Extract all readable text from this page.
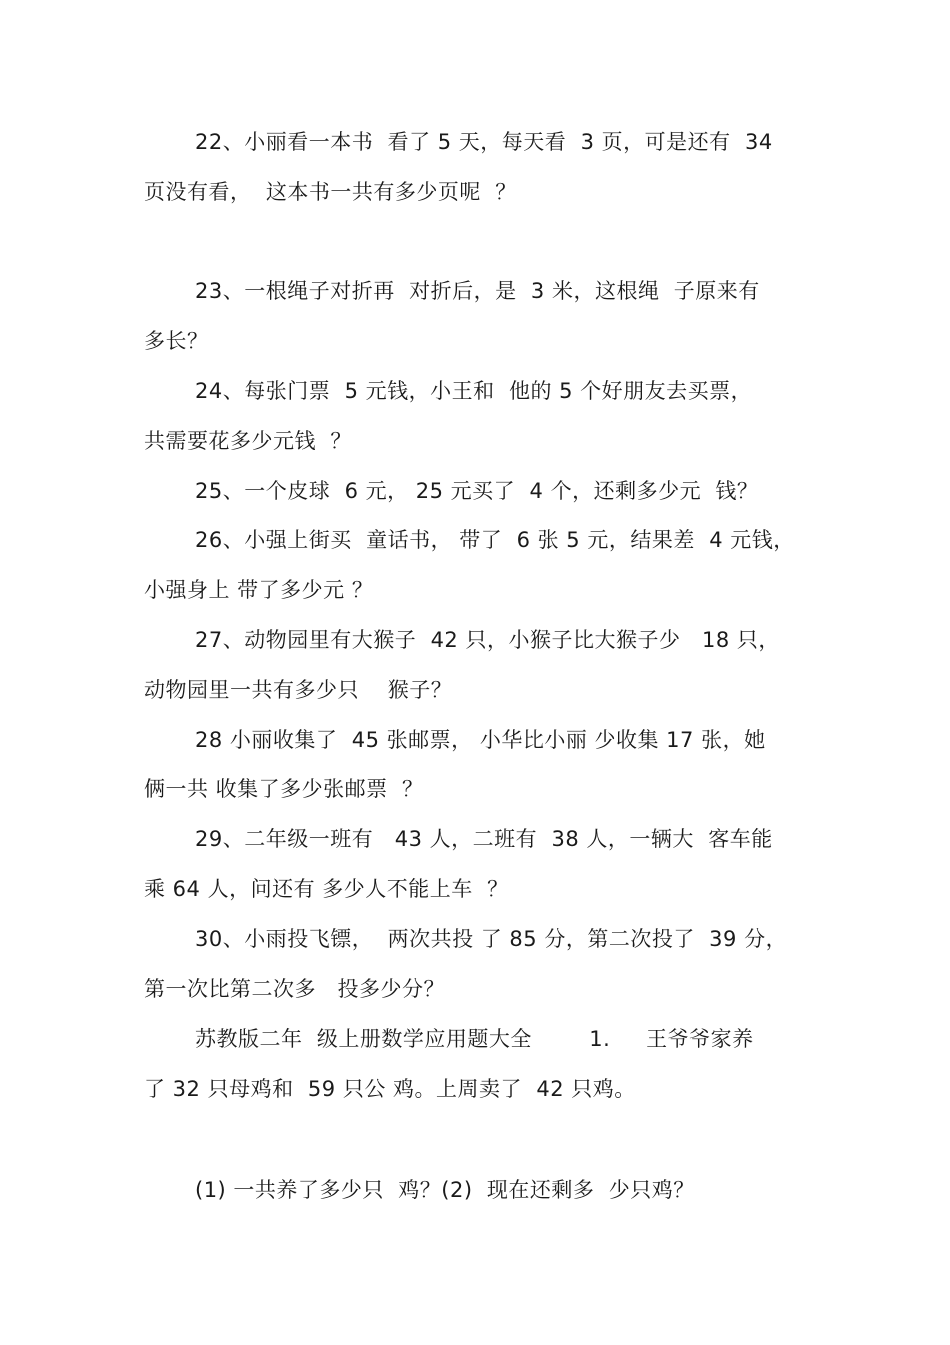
22、小丽看一本书  看了 5 天，每天看  3 页，可是还有  34
页没有看，  这本书一共有多少页呢  ？
23、一根绳子对折再  对折后，是  3 米，这根绳  子原来有
多长？
24、每张门票  5 元钱，小王和  他的 5 个好朋友去买票，
共需要花多少元钱  ？
25、一个皮球  6 元， 25 元买了  4 个，还剩多少元  钱？
26、小强上街买  童话书， 带了  6 张 5 元，结果差  4 元钱，
小强身上 带了多少元 ？
27、动物园里有大猴子  42 只，小猴子比大猴子少   18 只，
动物园里一共有多少只    猴子？
28 小丽收集了  45 张邮票， 小华比小丽 少收集 17 张，她
俩一共 收集了多少张邮票  ？
29、二年级一班有   43 人，二班有  38 人，一辆大  客车能
乘 64 人，问还有 多少人不能上车  ？
30、小雨投飞镖，  两次共投 了 85 分，第二次投了  39 分，
第一次比第二次多   投多少分？
苏教版二年  级上册数学应用题大全        1.     王爷爷家养
了 32 只母鸡和  59 只公 鸡。上周卖了  42 只鸡。
(1) 一共养了多少只  鸡？(2)  现在还剩多  少只鸡？
